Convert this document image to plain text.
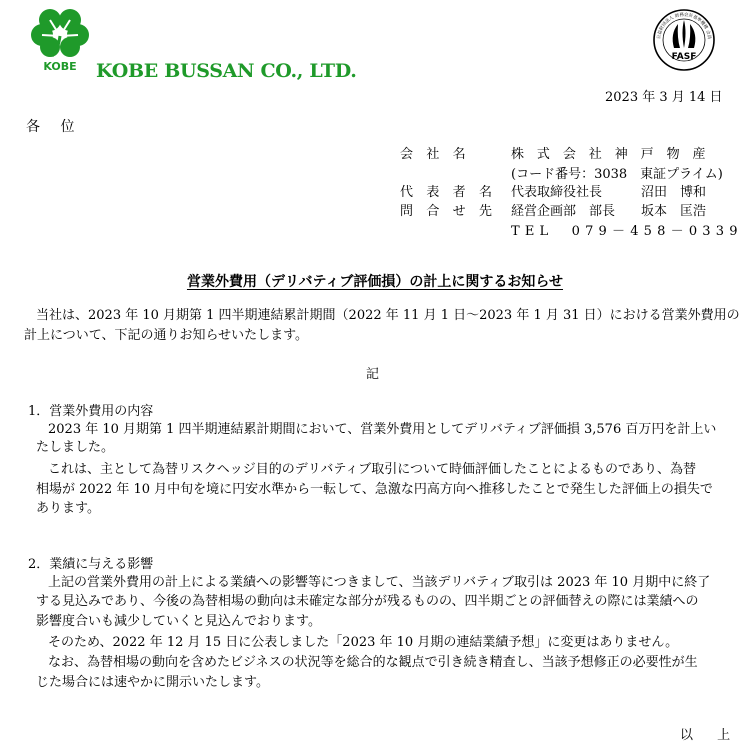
KOBE KOBE BUSSAN CO., LTD.
公益財団法人 財務会計基準機構 会員
FASF
2023 年 3 月 14 日
各 位
会 社 名	株 式 会 社 神 戸 物 産
(コード番号：3038　東証プライム)
代 表 者 名 代表取締役社長　　　沼田　博和
問 合 せ 先 経営企画部　部長　　坂本　匡浩
TEL　079－458－0339
営業外費用（デリバティブ評価損）の計上に関するお知らせ
当社は、2023 年 10 月期第 1 四半期連結累計期間（2022 年 11 月 1 日～2023 年 1 月 31 日）における営業外費用の
計上について、下記の通りお知らせいたします。
記
1．営業外費用の内容
2023 年 10 月期第 1 四半期連結累計期間において、営業外費用としてデリバティブ評価損 3,576 百万円を計上い
たしました。
これは、主として為替リスクヘッジ目的のデリバティブ取引について時価評価したことによるものであり、為替
相場が 2022 年 10 月中旬を境に円安水準から一転して、急激な円高方向へ推移したことで発生した評価上の損失で
あります。
2．業績に与える影響
上記の営業外費用の計上による業績への影響等につきまして、当該デリバティブ取引は 2023 年 10 月期中に終了
する見込みであり、今後の為替相場の動向は未確定な部分が残るものの、四半期ごとの評価替えの際には業績への
影響度合いも減少していくと見込んでおります。
そのため、2022 年 12 月 15 日に公表しました「2023 年 10 月期の連結業績予想」に変更はありません。
なお、為替相場の動向を含めたビジネスの状況等を総合的な観点で引き続き精査し、当該予想修正の必要性が生
じた場合には速やかに開示いたします。
以 上
